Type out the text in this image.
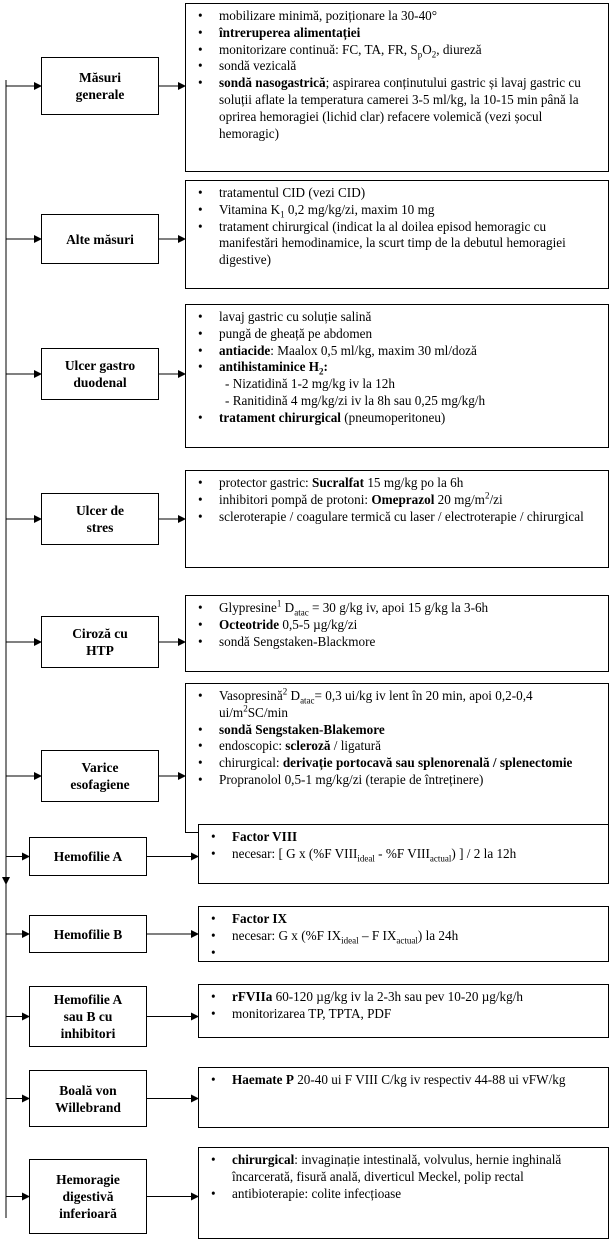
Măsuri
generale
• mobilizare minimă, poziționare la 30-40°
• întreruperea alimentației
• monitorizare continuă: FC, TA, FR, $S_pO_2$, diureză
• sondă vezicală
• sondă nasogastrică; aspirarea conținutului gastric și lavaj gastric cu soluții aflate la temperatura camerei 3-5 ml/kg, la 10-15 min până la oprirea hemoragiei (lichid clar) refacere volemică (vezi șocul hemoragic)
Alte măsuri
• tratamentul CID (vezi CID)
• Vitamina $K_1$ 0,2 mg/kg/zi, maxim 10 mg
• tratament chirurgical (indicat la al doilea episod hemoragic cu manifestări hemodinamice, la scurt timp de la debutul hemoragiei digestive)
Ulcer gastro
duodenal
• lavaj gastric cu soluție salină
• pungă de gheață pe abdomen
• antiacide: Maalox 0,5 ml/kg, maxim 30 ml/doză
• antihistaminice $H_2$:
- Nizatidină 1-2 mg/kg iv la 12h
- Ranitidină 4 mg/kg/zi iv la 8h sau 0,25 mg/kg/h
• tratament chirurgical (pneumoperitoneu)
Ulcer de
stres
• protector gastric: Sucralfat 15 mg/kg po la 6h
• inhibitori pompă de protoni: Omeprazol 20 $mg/m^2/zi$
• scleroterapie / coagulare termică cu laser / electroterapie / chirurgical
Ciroză cu
HTP
• Glypresine$^1$ $D_{atac} = 30$ g/kg iv, apoi 15 g/kg la 3-6h
• Octeotride 0,5-5 µg/kg/zi
• sondă Sengstaken-Blackmore
Varice
esofagiene
• Vasopresină$^2$ $D_{atac}= 0,3$ ui/kg iv lent în 20 min, apoi 0,2-0,4 $ui/m^2SC/\min$
• sondă Sengstaken-Blakemore
• endoscopic: scleroză / ligatură
• chirurgical: derivație portocavă sau splenorenală / splenectomie
• Propranolol 0,5-1 mg/kg/zi (terapie de întreținere)
Hemofilie A
• Factor VIII
• necesar: [ G x (%F $VIII_{ideal} - \%F$ $VIII_{actual}$) ] / 2 la 12h
Hemofilie B
• Factor IX
• necesar: G x (%F $IX_{ideal}$ – F $IX_{actual}$) la 24h
Hemofilie A
sau B cu
inhibitori
• rFVIIa 60-120 µg/kg iv la 2-3h sau pev 10-20 µg/kg/h
• monitorizarea TP, TPTA, PDF
Boală von
Willebrand
• Haemate P 20-40 ui F VIII C/kg iv respectiv 44-88 ui vFW/kg
Hemoragie
digestivă
inferioară
• chirurgical: invaginație intestinală, volvulus, hernie inghinală încarcerată, fisură anală, diverticul Meckel, polip rectal
• antibioterapie: colite infecțioase
